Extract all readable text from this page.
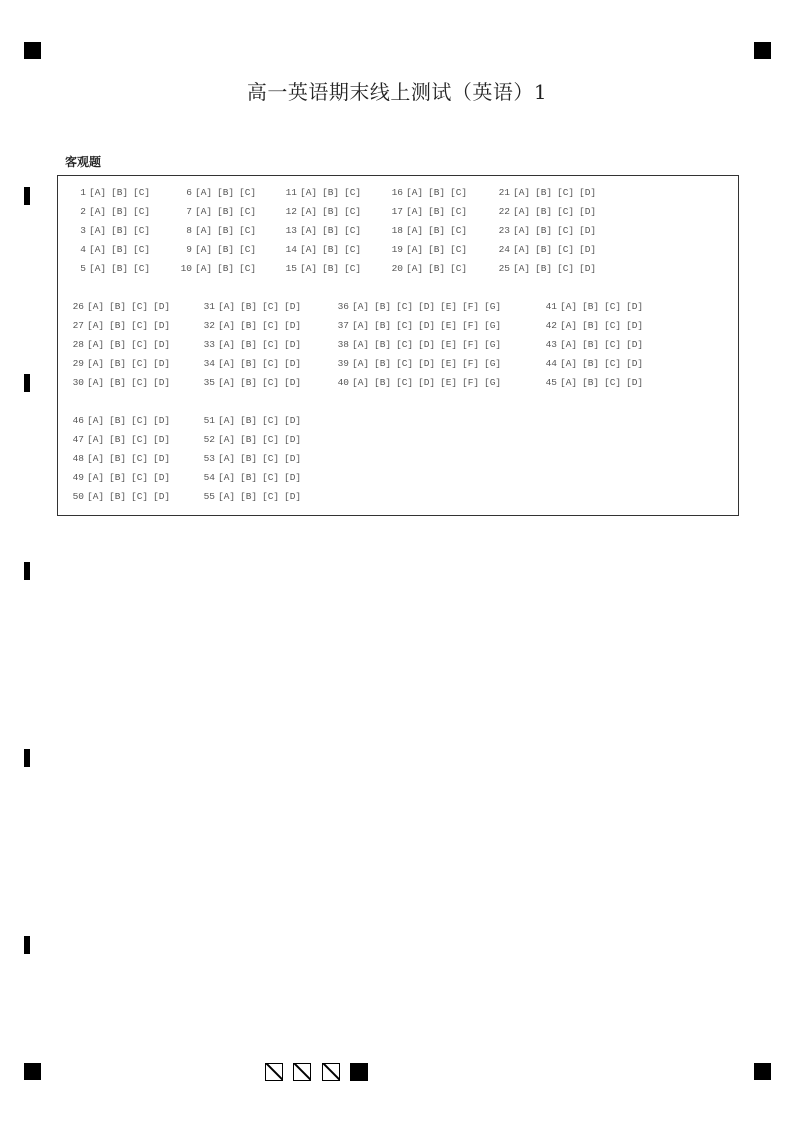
高一英语期末线上测试（英语）1
客观题
1 [A] [B] [C]
2 [A] [B] [C]
3 [A] [B] [C]
4 [A] [B] [C]
5 [A] [B] [C]
6 [A] [B] [C]
7 [A] [B] [C]
8 [A] [B] [C]
9 [A] [B] [C]
10 [A] [B] [C]
11 [A] [B] [C]
12 [A] [B] [C]
13 [A] [B] [C]
14 [A] [B] [C]
15 [A] [B] [C]
16 [A] [B] [C]
17 [A] [B] [C]
18 [A] [B] [C]
19 [A] [B] [C]
20 [A] [B] [C]
21 [A] [B] [C] [D]
22 [A] [B] [C] [D]
23 [A] [B] [C] [D]
24 [A] [B] [C] [D]
25 [A] [B] [C] [D]
26 [A] [B] [C] [D]
27 [A] [B] [C] [D]
28 [A] [B] [C] [D]
29 [A] [B] [C] [D]
30 [A] [B] [C] [D]
31 [A] [B] [C] [D]
32 [A] [B] [C] [D]
33 [A] [B] [C] [D]
34 [A] [B] [C] [D]
35 [A] [B] [C] [D]
36 [A] [B] [C] [D] [E] [F] [G]
37 [A] [B] [C] [D] [E] [F] [G]
38 [A] [B] [C] [D] [E] [F] [G]
39 [A] [B] [C] [D] [E] [F] [G]
40 [A] [B] [C] [D] [E] [F] [G]
41 [A] [B] [C] [D]
42 [A] [B] [C] [D]
43 [A] [B] [C] [D]
44 [A] [B] [C] [D]
45 [A] [B] [C] [D]
46 [A] [B] [C] [D]
47 [A] [B] [C] [D]
48 [A] [B] [C] [D]
49 [A] [B] [C] [D]
50 [A] [B] [C] [D]
51 [A] [B] [C] [D]
52 [A] [B] [C] [D]
53 [A] [B] [C] [D]
54 [A] [B] [C] [D]
55 [A] [B] [C] [D]
